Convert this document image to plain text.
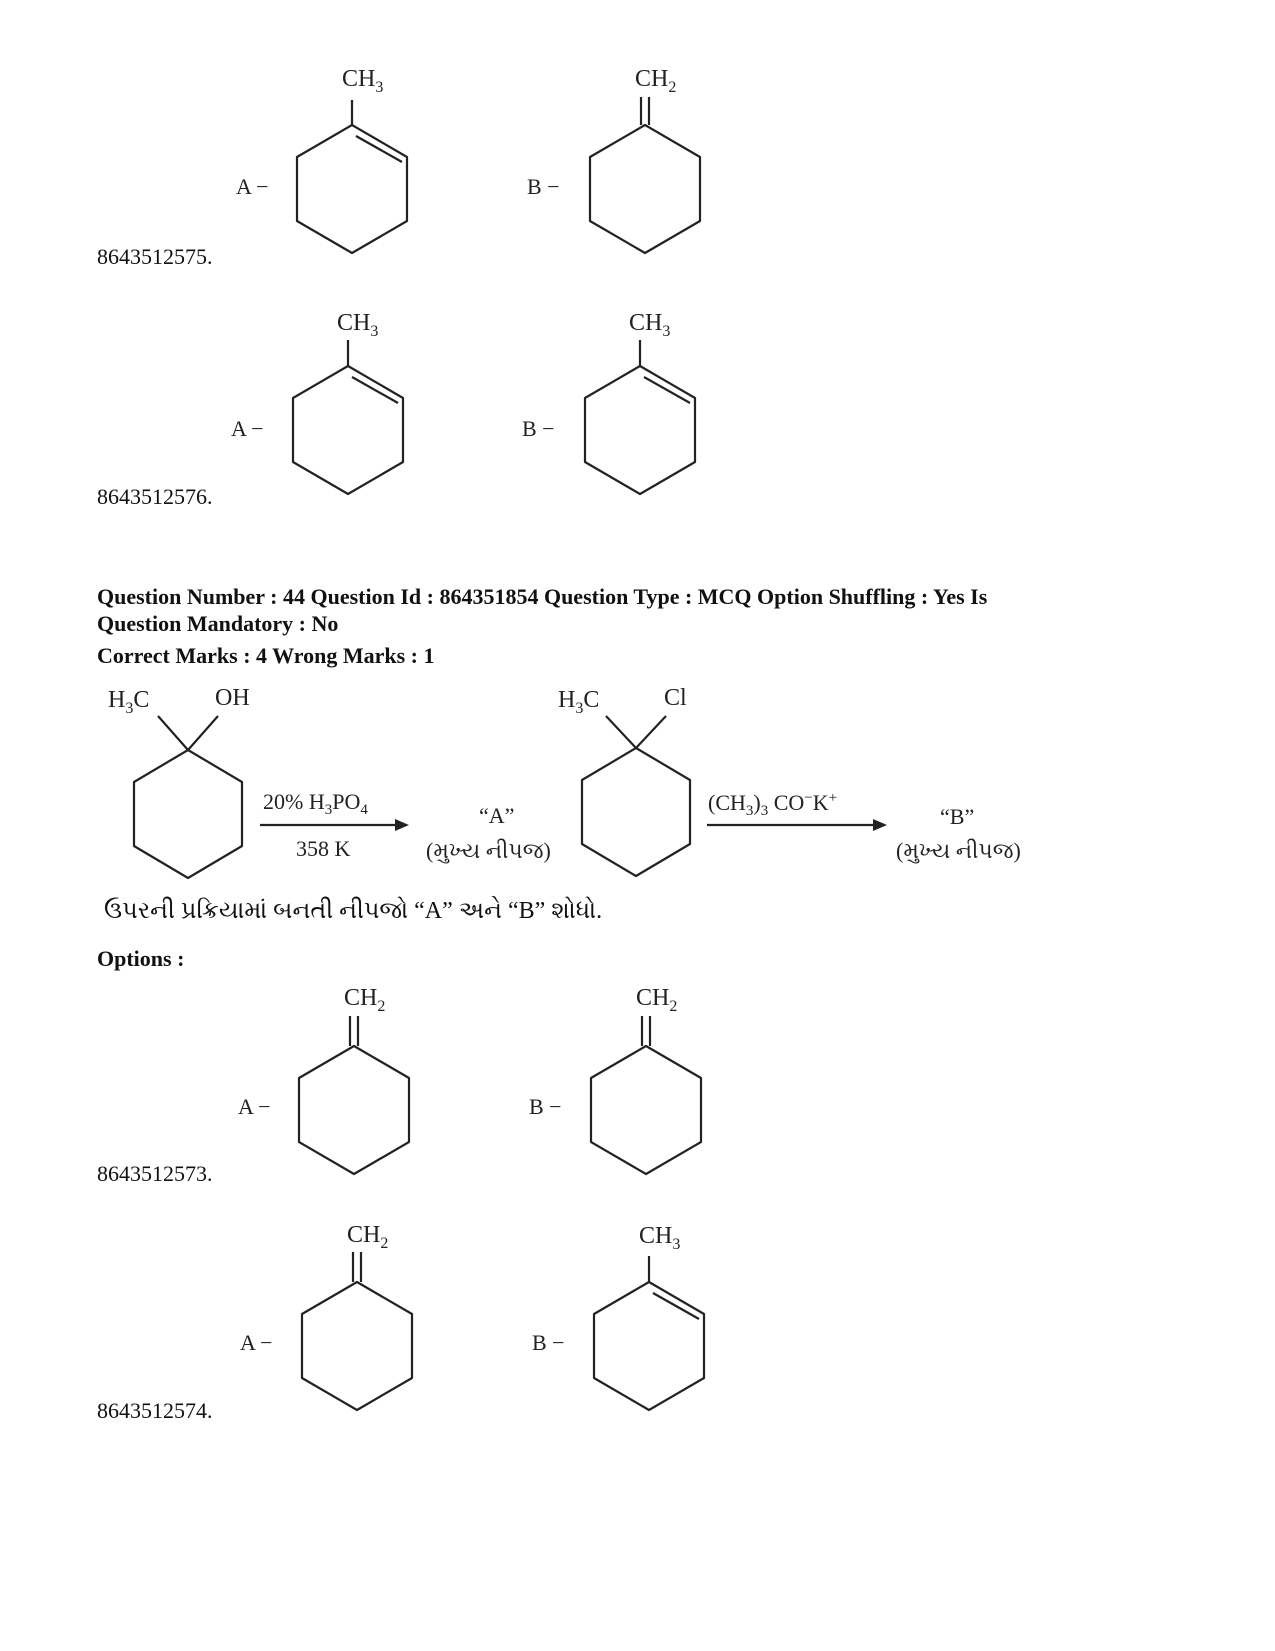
A −
$CH_3$
B −
$CH_2$
8643512575.
A −
$CH_3$
B −
$CH_3$
8643512576.
Question Number : 44 Question Id : 864351854 Question Type : MCQ Option Shuffling : Yes Is
Question Mandatory : No
Correct Marks : 4 Wrong Marks : 1
$H_3C$	OH
20% $H_3PO_4$
358 K
“A”
(મુખ્ય નીપજ)
$H_3C$	Cl
$(CH_3)_3$ CO−K+
“B”
(મુખ્ય નીપજ)
ઉપરની પ્રક્રિયામાં બનતી નીપજો “A” અને “B” શોધો.
Options :
A −
$CH_2$
B −
$CH_2$
8643512573.
A −
$CH_2$
B −
$CH_3$
8643512574.
